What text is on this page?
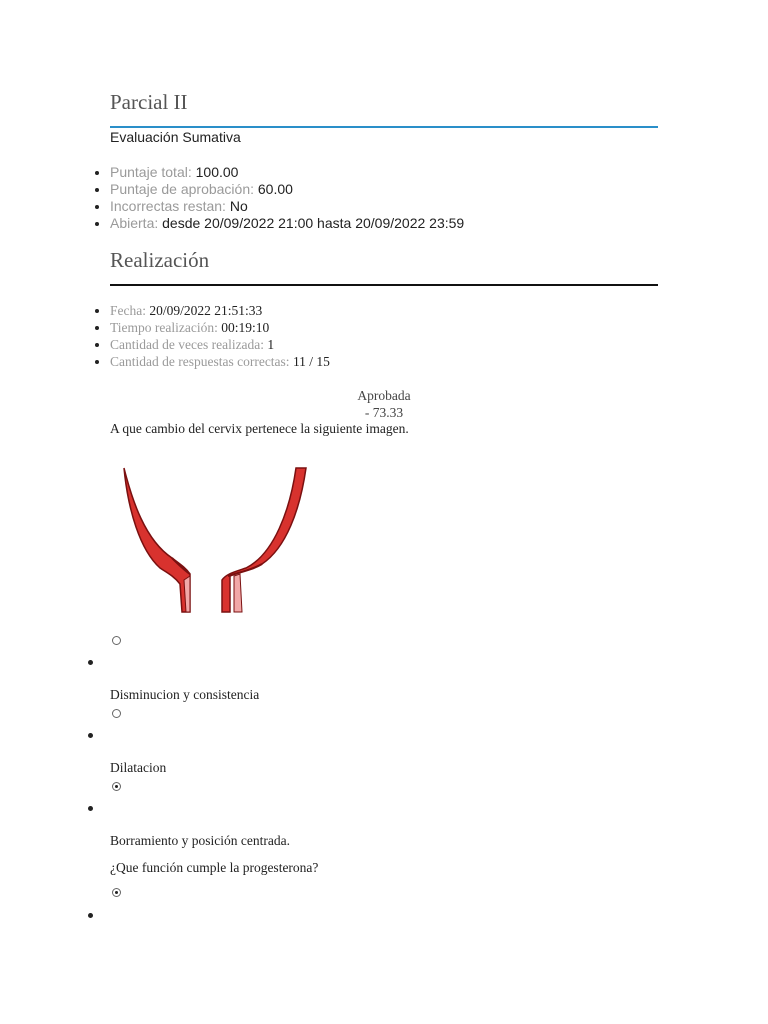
Parcial II
Evaluación Sumativa
• Puntaje total: 100.00
• Puntaje de aprobación: 60.00
• Incorrectas restan: No
• Abierta: desde 20/09/2022 21:00 hasta 20/09/2022 23:59
Realización
• Fecha: 20/09/2022 21:51:33
• Tiempo realización: 00:19:10
• Cantidad de veces realizada: 1
• Cantidad de respuestas correctas: 11 / 15
Aprobada
- 73.33
A que cambio del cervix pertenece la siguiente imagen.
Disminucion y consistencia
Dilatacion
Borramiento y posición centrada.
¿Que función cumple la progesterona?
